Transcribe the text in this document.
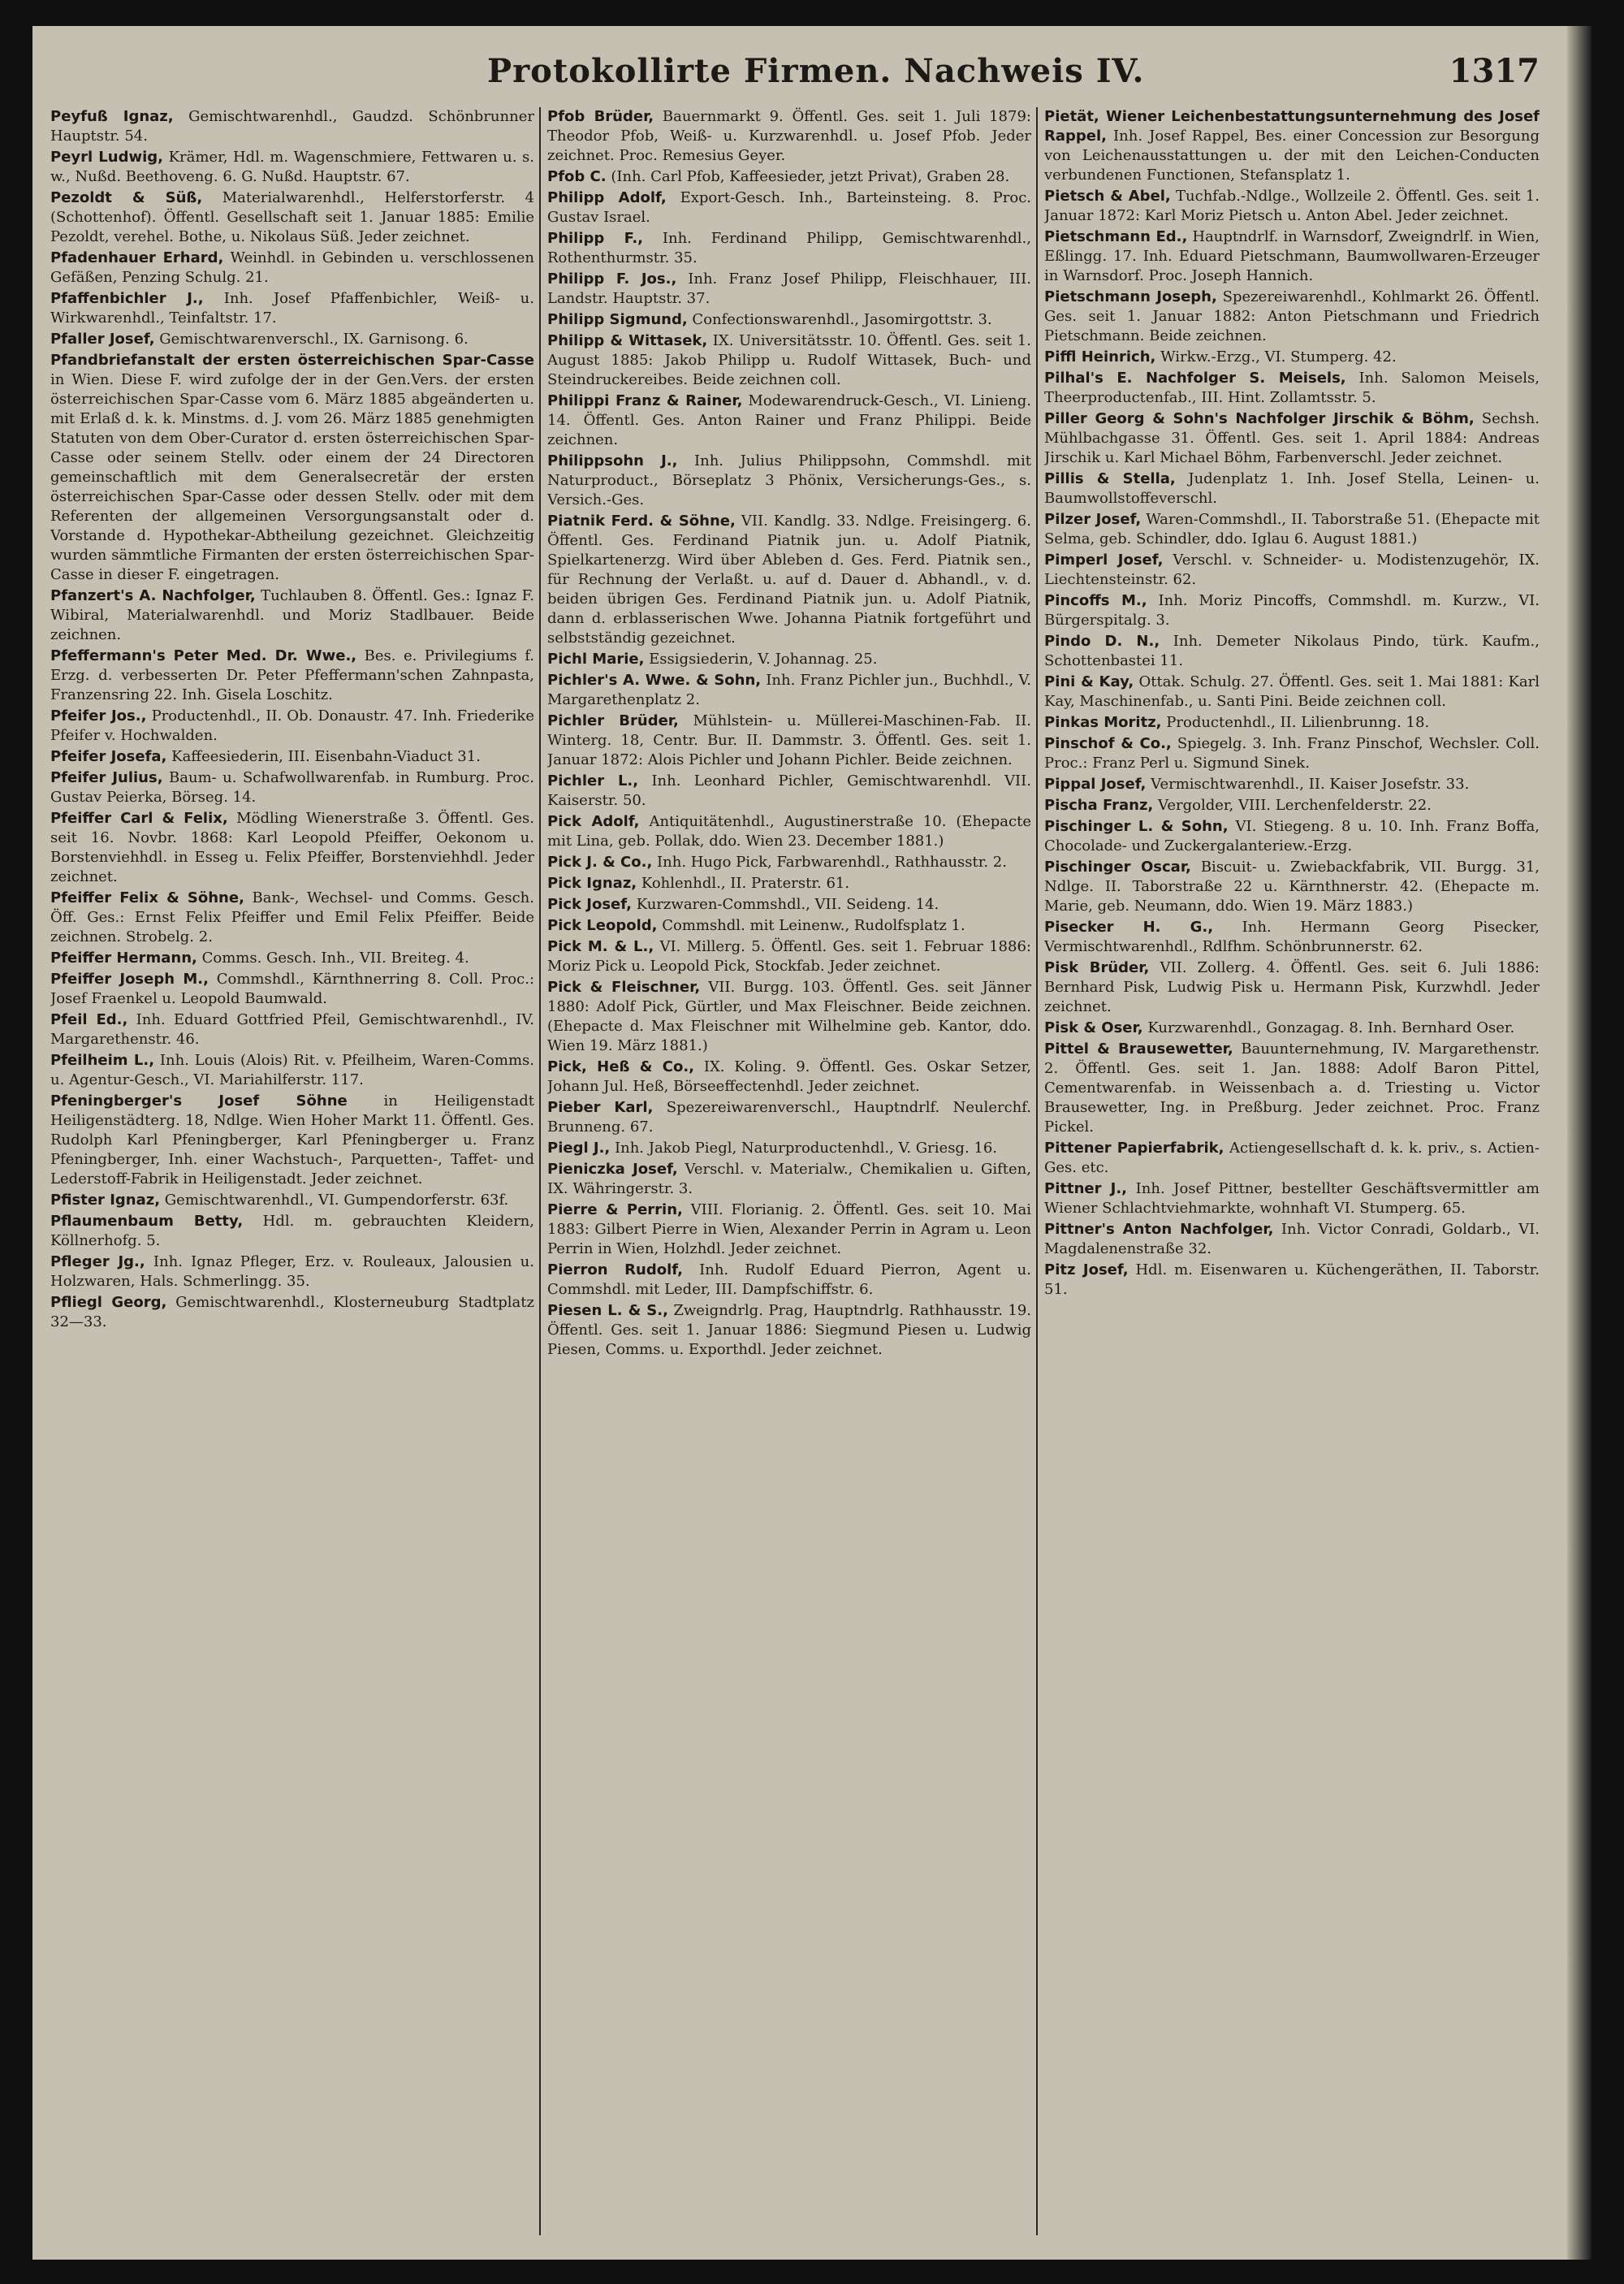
Protokollirte Firmen. Nachweis IV.	1317

Peyfuß Ignaz, Gemischtwarenhdl., Gaudzd. Schönbrunner Hauptstr. 54.

Peyrl Ludwig, Krämer, Hdl. m. Wagenschmiere, Fettwaren u. s. w., Nußd. Beethoveng. 6. G. Nußd. Hauptstr. 67.

Pezoldt & Süß, Materialwarenhdl., Helferstorferstr. 4 (Schottenhof). Öffentl. Gesellschaft seit 1. Januar 1885: Emilie Pezoldt, verehel. Bothe, u. Nikolaus Süß. Jeder zeichnet.

Pfadenhauer Erhard, Weinhdl. in Gebinden u. verschlossenen Gefäßen, Penzing Schulg. 21.

Pfaffenbichler J., Inh. Josef Pfaffenbichler, Weiß- u. Wirkwarenhdl., Teinfaltstr. 17.

Pfaller Josef, Gemischtwarenverschl., IX. Garnisong. 6.

Pfandbriefanstalt der ersten österreichischen Spar-Casse in Wien. Diese F. wird zufolge der in der Gen.Vers. der ersten österreichischen Spar-Casse vom 6. März 1885 abgeänderten u. mit Erlaß d. k. k. Minstms. d. J. vom 26. März 1885 genehmigten Statuten von dem Ober-Curator d. ersten österreichischen Spar-Casse oder seinem Stellv. oder einem der 24 Directoren gemeinschaftlich mit dem Generalsecretär der ersten österreichischen Spar-Casse oder dessen Stellv. oder mit dem Referenten der allgemeinen Versorgungsanstalt oder d. Vorstande d. Hypothekar-Abtheilung gezeichnet. Gleichzeitig wurden sämmtliche Firmanten der ersten österreichischen Spar-Casse in dieser F. eingetragen.

Pfanzert's A. Nachfolger, Tuchlauben 8. Öffentl. Ges.: Ignaz F. Wibiral, Materialwarenhdl. und Moriz Stadlbauer. Beide zeichnen.

Pfeffermann's Peter Med. Dr. Wwe., Bes. e. Privilegiums f. Erzg. d. verbesserten Dr. Peter Pfeffermann'schen Zahnpasta, Franzensring 22. Inh. Gisela Loschitz.

Pfeifer Jos., Productenhdl., II. Ob. Donaustr. 47. Inh. Friederike Pfeifer v. Hochwalden.

Pfeifer Josefa, Kaffeesiederin, III. Eisenbahn-Viaduct 31.

Pfeifer Julius, Baum- u. Schafwollwarenfab. in Rumburg. Proc. Gustav Peierka, Börseg. 14.

Pfeiffer Carl & Felix, Mödling Wienerstraße 3. Öffentl. Ges. seit 16. Novbr. 1868: Karl Leopold Pfeiffer, Oekonom u. Borstenviehhdl. in Esseg u. Felix Pfeiffer, Borstenviehhdl. Jeder zeichnet.

Pfeiffer Felix & Söhne, Bank-, Wechsel- und Comms. Gesch. Öff. Ges.: Ernst Felix Pfeiffer und Emil Felix Pfeiffer. Beide zeichnen. Strobelg. 2.

Pfeiffer Hermann, Comms. Gesch. Inh., VII. Breiteg. 4.

Pfeiffer Joseph M., Commshdl., Kärnthnerring 8. Coll. Proc.: Josef Fraenkel u. Leopold Baumwald.

Pfeil Ed., Inh. Eduard Gottfried Pfeil, Gemischtwarenhdl., IV. Margarethenstr. 46.

Pfeilheim L., Inh. Louis (Alois) Rit. v. Pfeilheim, Waren-Comms. u. Agentur-Gesch., VI. Mariahilferstr. 117.

Pfeningberger's Josef Söhne in Heiligenstadt Heiligenstädterg. 18, Ndlge. Wien Hoher Markt 11. Öffentl. Ges. Rudolph Karl Pfeningberger, Karl Pfeningberger u. Franz Pfeningberger, Inh. einer Wachstuch-, Parquetten-, Taffet- und Lederstoff-Fabrik in Heiligenstadt. Jeder zeichnet.

Pfister Ignaz, Gemischtwarenhdl., VI. Gumpendorferstr. 63f.

Pflaumenbaum Betty, Hdl. m. gebrauchten Kleidern, Köllnerhofg. 5.

Pfleger Jg., Inh. Ignaz Pfleger, Erz. v. Rouleaux, Jalousien u. Holzwaren, Hals. Schmerlingg. 35.

Pfliegl Georg, Gemischtwarenhdl., Klosterneuburg Stadtplatz 32—33.

Pfob Brüder, Bauernmarkt 9. Öffentl. Ges. seit 1. Juli 1879: Theodor Pfob, Weiß- u. Kurzwarenhdl. u. Josef Pfob. Jeder zeichnet. Proc. Remesius Geyer.

Pfob C. (Inh. Carl Pfob, Kaffeesieder, jetzt Privat), Graben 28.

Philipp Adolf, Export-Gesch. Inh., Barteinsteing. 8. Proc. Gustav Israel.

Philipp F., Inh. Ferdinand Philipp, Gemischtwarenhdl., Rothenthurmstr. 35.

Philipp F. Jos., Inh. Franz Josef Philipp, Fleischhauer, III. Landstr. Hauptstr. 37.

Philipp Sigmund, Confectionswarenhdl., Jasomirgottstr. 3.

Philipp & Wittasek, IX. Universitätsstr. 10. Öffentl. Ges. seit 1. August 1885: Jakob Philipp u. Rudolf Wittasek, Buch- und Steindruckereibes. Beide zeichnen coll.

Philippi Franz & Rainer, Modewarendruck-Gesch., VI. Linieng. 14. Öffentl. Ges. Anton Rainer und Franz Philippi. Beide zeichnen.

Philippsohn J., Inh. Julius Philippsohn, Commshdl. mit Naturproduct., Börseplatz 3 Phönix, Versicherungs-Ges., s. Versich.-Ges.

Piatnik Ferd. & Söhne, VII. Kandlg. 33. Ndlge. Freisingerg. 6. Öffentl. Ges. Ferdinand Piatnik jun. u. Adolf Piatnik, Spielkartenerzg. Wird über Ableben d. Ges. Ferd. Piatnik sen., für Rechnung der Verlaßt. u. auf d. Dauer d. Abhandl., v. d. beiden übrigen Ges. Ferdinand Piatnik jun. u. Adolf Piatnik, dann d. erblasserischen Wwe. Johanna Piatnik fortgeführt und selbstständig gezeichnet.

Pichl Marie, Essigsiederin, V. Johannag. 25.

Pichler's A. Wwe. & Sohn, Inh. Franz Pichler jun., Buchhdl., V. Margarethenplatz 2.

Pichler Brüder, Mühlstein- u. Müllerei-Maschinen-Fab. II. Winterg. 18, Centr. Bur. II. Dammstr. 3. Öffentl. Ges. seit 1. Januar 1872: Alois Pichler und Johann Pichler. Beide zeichnen.

Pichler L., Inh. Leonhard Pichler, Gemischtwarenhdl. VII. Kaiserstr. 50.

Pick Adolf, Antiquitätenhdl., Augustinerstraße 10. (Ehepacte mit Lina, geb. Pollak, ddo. Wien 23. December 1881.)

Pick J. & Co., Inh. Hugo Pick, Farbwarenhdl., Rathhausstr. 2.

Pick Ignaz, Kohlenhdl., II. Praterstr. 61.

Pick Josef, Kurzwaren-Commshdl., VII. Seideng. 14.

Pick Leopold, Commshdl. mit Leinenw., Rudolfsplatz 1.

Pick M. & L., VI. Millerg. 5. Öffentl. Ges. seit 1. Februar 1886: Moriz Pick u. Leopold Pick, Stockfab. Jeder zeichnet.

Pick & Fleischner, VII. Burgg. 103. Öffentl. Ges. seit Jänner 1880: Adolf Pick, Gürtler, und Max Fleischner. Beide zeichnen. (Ehepacte d. Max Fleischner mit Wilhelmine geb. Kantor, ddo. Wien 19. März 1881.)

Pick, Heß & Co., IX. Koling. 9. Öffentl. Ges. Oskar Setzer, Johann Jul. Heß, Börseeffectenhdl. Jeder zeichnet.

Pieber Karl, Spezereiwarenverschl., Hauptndrlf. Neulerchf. Brunneng. 67.

Piegl J., Inh. Jakob Piegl, Naturproductenhdl., V. Griesg. 16.

Pieniczka Josef, Verschl. v. Materialw., Chemikalien u. Giften, IX. Währingerstr. 3.

Pierre & Perrin, VIII. Florianig. 2. Öffentl. Ges. seit 10. Mai 1883: Gilbert Pierre in Wien, Alexander Perrin in Agram u. Leon Perrin in Wien, Holzhdl. Jeder zeichnet.

Pierron Rudolf, Inh. Rudolf Eduard Pierron, Agent u. Commshdl. mit Leder, III. Dampfschiffstr. 6.

Piesen L. & S., Zweigndrlg. Prag, Hauptndrlg. Rathhausstr. 19. Öffentl. Ges. seit 1. Januar 1886: Siegmund Piesen u. Ludwig Piesen, Comms. u. Exporthdl. Jeder zeichnet.

Pietät, Wiener Leichenbestattungsunternehmung des Josef Rappel, Inh. Josef Rappel, Bes. einer Concession zur Besorgung von Leichenausstattungen u. der mit den Leichen-Conducten verbundenen Functionen, Stefansplatz 1.

Pietsch & Abel, Tuchfab.-Ndlge., Wollzeile 2. Öffentl. Ges. seit 1. Januar 1872: Karl Moriz Pietsch u. Anton Abel. Jeder zeichnet.

Pietschmann Ed., Hauptndrlf. in Warnsdorf, Zweigndrlf. in Wien, Eßlingg. 17. Inh. Eduard Pietschmann, Baumwollwaren-Erzeuger in Warnsdorf. Proc. Joseph Hannich.

Pietschmann Joseph, Spezereiwarenhdl., Kohlmarkt 26. Öffentl. Ges. seit 1. Januar 1882: Anton Pietschmann und Friedrich Pietschmann. Beide zeichnen.

Piffl Heinrich, Wirkw.-Erzg., VI. Stumperg. 42.

Pilhal's E. Nachfolger S. Meisels, Inh. Salomon Meisels, Theerproductenfab., III. Hint. Zollamtsstr. 5.

Piller Georg & Sohn's Nachfolger Jirschik & Böhm, Sechsh. Mühlbachgasse 31. Öffentl. Ges. seit 1. April 1884: Andreas Jirschik u. Karl Michael Böhm, Farbenverschl. Jeder zeichnet.

Pillis & Stella, Judenplatz 1. Inh. Josef Stella, Leinen- u. Baumwollstoffeverschl.

Pilzer Josef, Waren-Commshdl., II. Taborstraße 51. (Ehepacte mit Selma, geb. Schindler, ddo. Iglau 6. August 1881.)

Pimperl Josef, Verschl. v. Schneider- u. Modistenzugehör, IX. Liechtensteinstr. 62.

Pincoffs M., Inh. Moriz Pincoffs, Commshdl. m. Kurzw., VI. Bürgerspitalg. 3.

Pindo D. N., Inh. Demeter Nikolaus Pindo, türk. Kaufm., Schottenbastei 11.

Pini & Kay, Ottak. Schulg. 27. Öffentl. Ges. seit 1. Mai 1881: Karl Kay, Maschinenfab., u. Santi Pini. Beide zeichnen coll.

Pinkas Moritz, Productenhdl., II. Lilienbrunng. 18.

Pinschof & Co., Spiegelg. 3. Inh. Franz Pinschof, Wechsler. Coll. Proc.: Franz Perl u. Sigmund Sinek.

Pippal Josef, Vermischtwarenhdl., II. Kaiser Josefstr. 33.

Pischa Franz, Vergolder, VIII. Lerchenfelderstr. 22.

Pischinger L. & Sohn, VI. Stiegeng. 8 u. 10. Inh. Franz Boffa, Chocolade- und Zuckergalanteriew.-Erzg.

Pischinger Oscar, Biscuit- u. Zwiebackfabrik, VII. Burgg. 31, Ndlge. II. Taborstraße 22 u. Kärnthnerstr. 42. (Ehepacte m. Marie, geb. Neumann, ddo. Wien 19. März 1883.)

Pisecker H. G., Inh. Hermann Georg Pisecker, Vermischtwarenhdl., Rdlfhm. Schönbrunnerstr. 62.

Pisk Brüder, VII. Zollerg. 4. Öffentl. Ges. seit 6. Juli 1886: Bernhard Pisk, Ludwig Pisk u. Hermann Pisk, Kurzwhdl. Jeder zeichnet.

Pisk & Oser, Kurzwarenhdl., Gonzagag. 8. Inh. Bernhard Oser.

Pittel & Brausewetter, Bauunternehmung, IV. Margarethenstr. 2. Öffentl. Ges. seit 1. Jan. 1888: Adolf Baron Pittel, Cementwarenfab. in Weissenbach a. d. Triesting u. Victor Brausewetter, Ing. in Preßburg. Jeder zeichnet. Proc. Franz Pickel.

Pittener Papierfabrik, Actiengesellschaft d. k. k. priv., s. Actien-Ges. etc.

Pittner J., Inh. Josef Pittner, bestellter Geschäftsvermittler am Wiener Schlachtviehmarkte, wohnhaft VI. Stumperg. 65.

Pittner's Anton Nachfolger, Inh. Victor Conradi, Goldarb., VI. Magdalenenstraße 32.

Pitz Josef, Hdl. m. Eisenwaren u. Küchengeräthen, II. Taborstr. 51.
